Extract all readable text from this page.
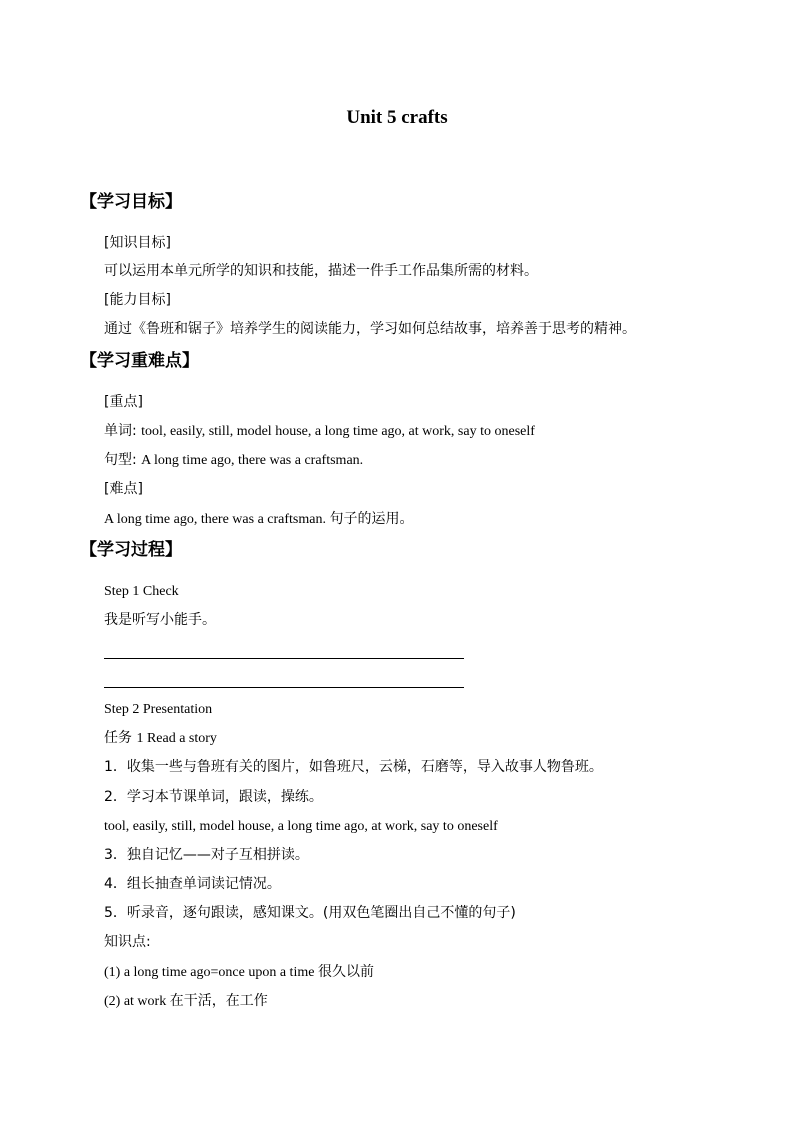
Unit 5 crafts
【学习目标】
[知识目标]
可以运用本单元所学的知识和技能，描述一件手工作品集所需的材料。
[能力目标]
通过《鲁班和锯子》培养学生的阅读能力，学习如何总结故事，培养善于思考的精神。
【学习重难点】
[重点]
单词: tool, easily, still, model house, a long time ago, at work, say to oneself
句型: A long time ago, there was a craftsman.
[难点]
A long time ago, there was a craftsman. 句子的运用。
【学习过程】
Step 1 Check
我是听写小能手。
Step 2 Presentation
任务 1 Read a story
1．收集一些与鲁班有关的图片，如鲁班尺，云梯，石磨等，导入故事人物鲁班。
2．学习本节课单词，跟读，操练。
tool, easily, still, model house, a long time ago, at work, say to oneself
3．独自记忆——对子互相拼读。
4．组长抽查单词读记情况。
5．听录音，逐句跟读，感知课文。(用双色笔圈出自己不懂的句子)
知识点:
(1) a long time ago=once upon a time 很久以前
(2) at work 在干活，在工作
